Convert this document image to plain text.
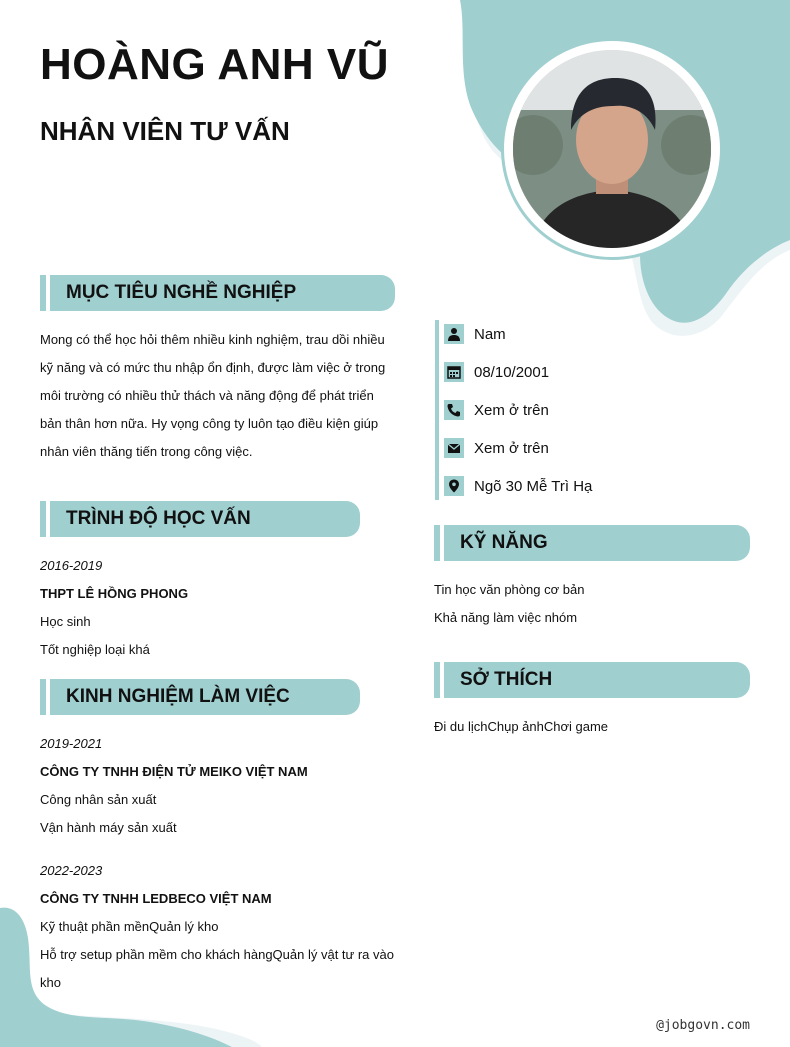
HOÀNG ANH VŨ
NHÂN VIÊN TƯ VẤN
MỤC TIÊU NGHỀ NGHIỆP
Mong có thể học hỏi thêm nhiều kinh nghiệm, trau dồi nhiều
kỹ năng và có mức thu nhập ổn định, được làm việc ở trong
môi trường có nhiều thử thách và năng động để phát triển
bản thân hơn nữa. Hy vọng công ty luôn tạo điều kiện giúp
nhân viên thăng tiến trong công việc.
TRÌNH ĐỘ HỌC VẤN
2016-2019
THPT LÊ HỒNG PHONG
Học sinh
Tốt nghiệp loại khá
KINH NGHIỆM LÀM VIỆC
2019-2021
CÔNG TY TNHH ĐIỆN TỬ MEIKO VIỆT NAM
Công nhân sản xuất
Vận hành máy sản xuất
2022-2023
CÔNG TY TNHH LEDBECO VIỆT NAM
Kỹ thuật phần mềnQuản lý kho
Hỗ trợ setup phần mềm cho khách hàngQuản lý vật tư ra vào
kho
Nam
08/10/2001
Xem ở trên
Xem ở trên
Ngõ 30 Mễ Trì Hạ
KỸ NĂNG
Tin học văn phòng cơ bản
Khả năng làm việc nhóm
SỞ THÍCH
Đi du lịchChụp ảnhChơi game
@jobgovn.com
